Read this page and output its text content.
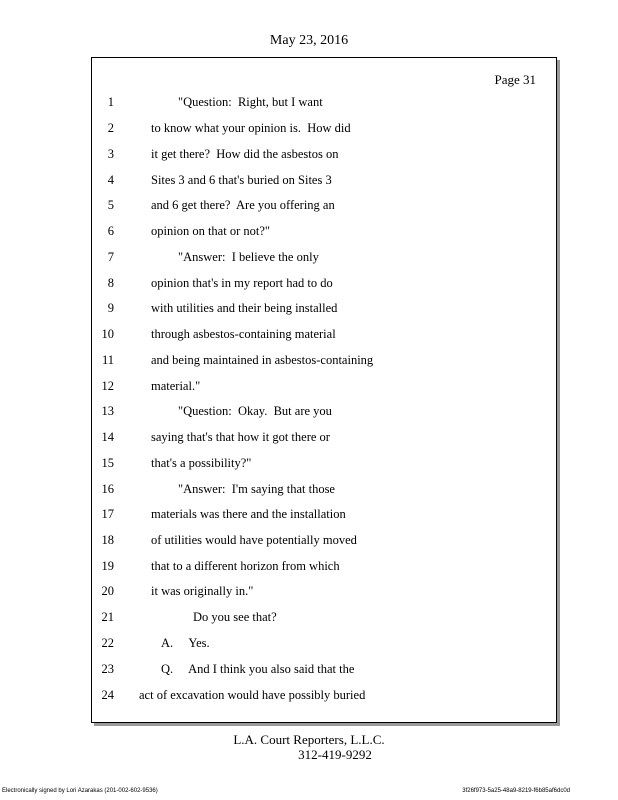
May 23, 2016
Page 31
1	"Question:  Right, but I want
2	to know what your opinion is.  How did
3	it get there?  How did the asbestos on
4	Sites 3 and 6 that's buried on Sites 3
5	and 6 get there?  Are you offering an
6	opinion on that or not?"
7	"Answer:  I believe the only
8	opinion that's in my report had to do
9	with utilities and their being installed
10	through asbestos-containing material
11	and being maintained in asbestos-containing
12	material."
13	"Question:  Okay.  But are you
14	saying that's that how it got there or
15	that's a possibility?"
16	"Answer:  I'm saying that those
17	materials was there and the installation
18	of utilities would have potentially moved
19	that to a different horizon from which
20	it was originally in."
21	Do you see that?
22	A.     Yes.
23	Q.     And I think you also said that the
24 act of excavation would have possibly buried
L.A. Court Reporters, L.L.C.
312-419-9292
Electronically signed by Lori Azarakas (201-002-602-9536)	3f26f973-5a25-48a9-8219-f6b85af6dc0d
